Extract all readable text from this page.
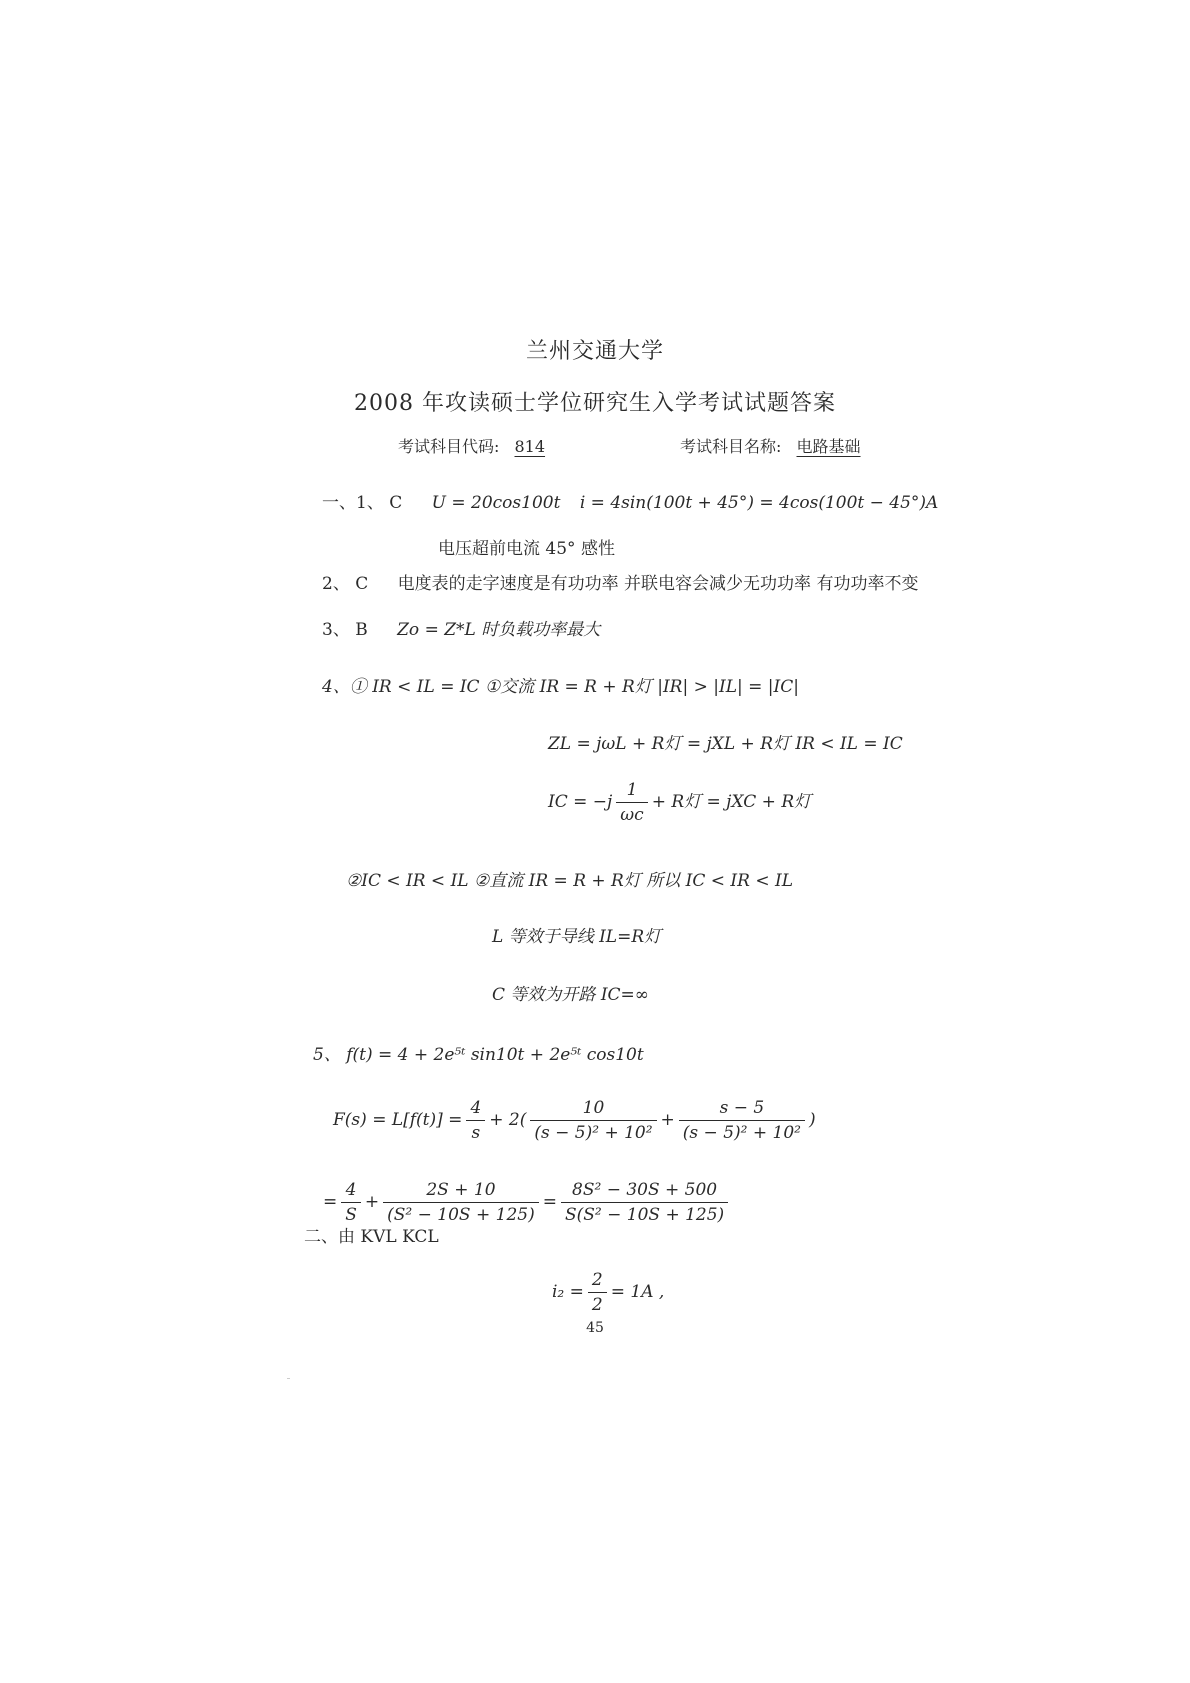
兰州交通大学
2008 年攻读硕士学位研究生入学考试试题答案
考试科目代码: 814	考试科目名称: 电路基础
一、1、 C U = 20cos100t i = 4sin(100t + 45°) = 4cos(100t − 45°)A
电压超前电流 45° 感性
2、 C 电度表的走字速度是有功功率 并联电容会减少无功功率 有功功率不变
3、 B Zo = Z*L 时负载功率最大
4、① IR < IL = IC ①交流 IR = R + R灯 |IR| > |IL| = |IC|
ZL = jωL + R灯 = jXL + R灯 IR < IL = IC
IC = $-j \frac{1}{\omega c} + R$灯 = jXC + R灯
②IC < IR < IL ②直流 IR = R + R灯 所以 IC < IR < IL
L 等效于导线 IL=R灯
C 等效为开路 IC=∞
5、 f(t) = 4 + 2e⁵ᵗ sin10t + 2e⁵ᵗ cos10t
$F(s) = L[f(t)] = \frac{4}{s} + 2( \frac{10}{\text{(s − 5)² + 10²}} + \frac{s - 5}{\text{(s − 5)² + 10²}}$ )
= $\frac{4}{S} + \frac{2S + 10}{\text{(S² − 10S + 125)}} = \frac{\text{8S² − 30S + 500}}{\text{S(S² − 10S + 125)}}$
二、由 KVL KCL
$i_2 = \frac{2}{2} = 1A$ ,
45
